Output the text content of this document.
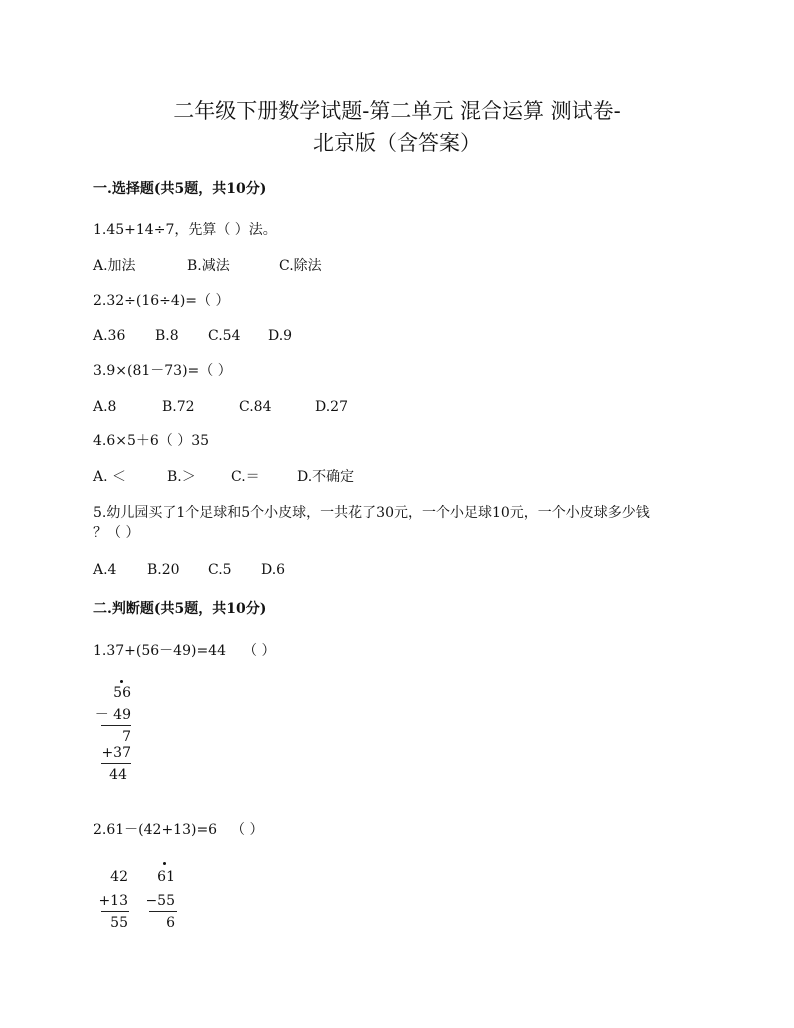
二年级下册数学试题-第二单元 混合运算 测试卷-
北京版（含答案）
一.选择题(共5题，共10分)
1.45+14÷7，先算（ ）法。
A.加法	B.减法	C.除法
2.32÷(16÷4)=（ ）
A.36 B.8 C.54 D.9
3.9×(81－73)=（ ）
A.8	B.72	C.84	D.27
4.6×5＋6（ ）35
A. ＜	B.＞	C.＝	D.不确定
5.幼儿园买了1个足球和5个小皮球，一共花了30元，一个小足球10元，一个小皮球多少钱
？（ ）
A.4 B.20 C.5 D.6
二.判断题(共5题，共10分)
1.37+(56－49)=44 （ ）
56
－ 49
7
+37
44
2.61－(42+13)=6 （ ）
42
+13
55
61
−55
6
